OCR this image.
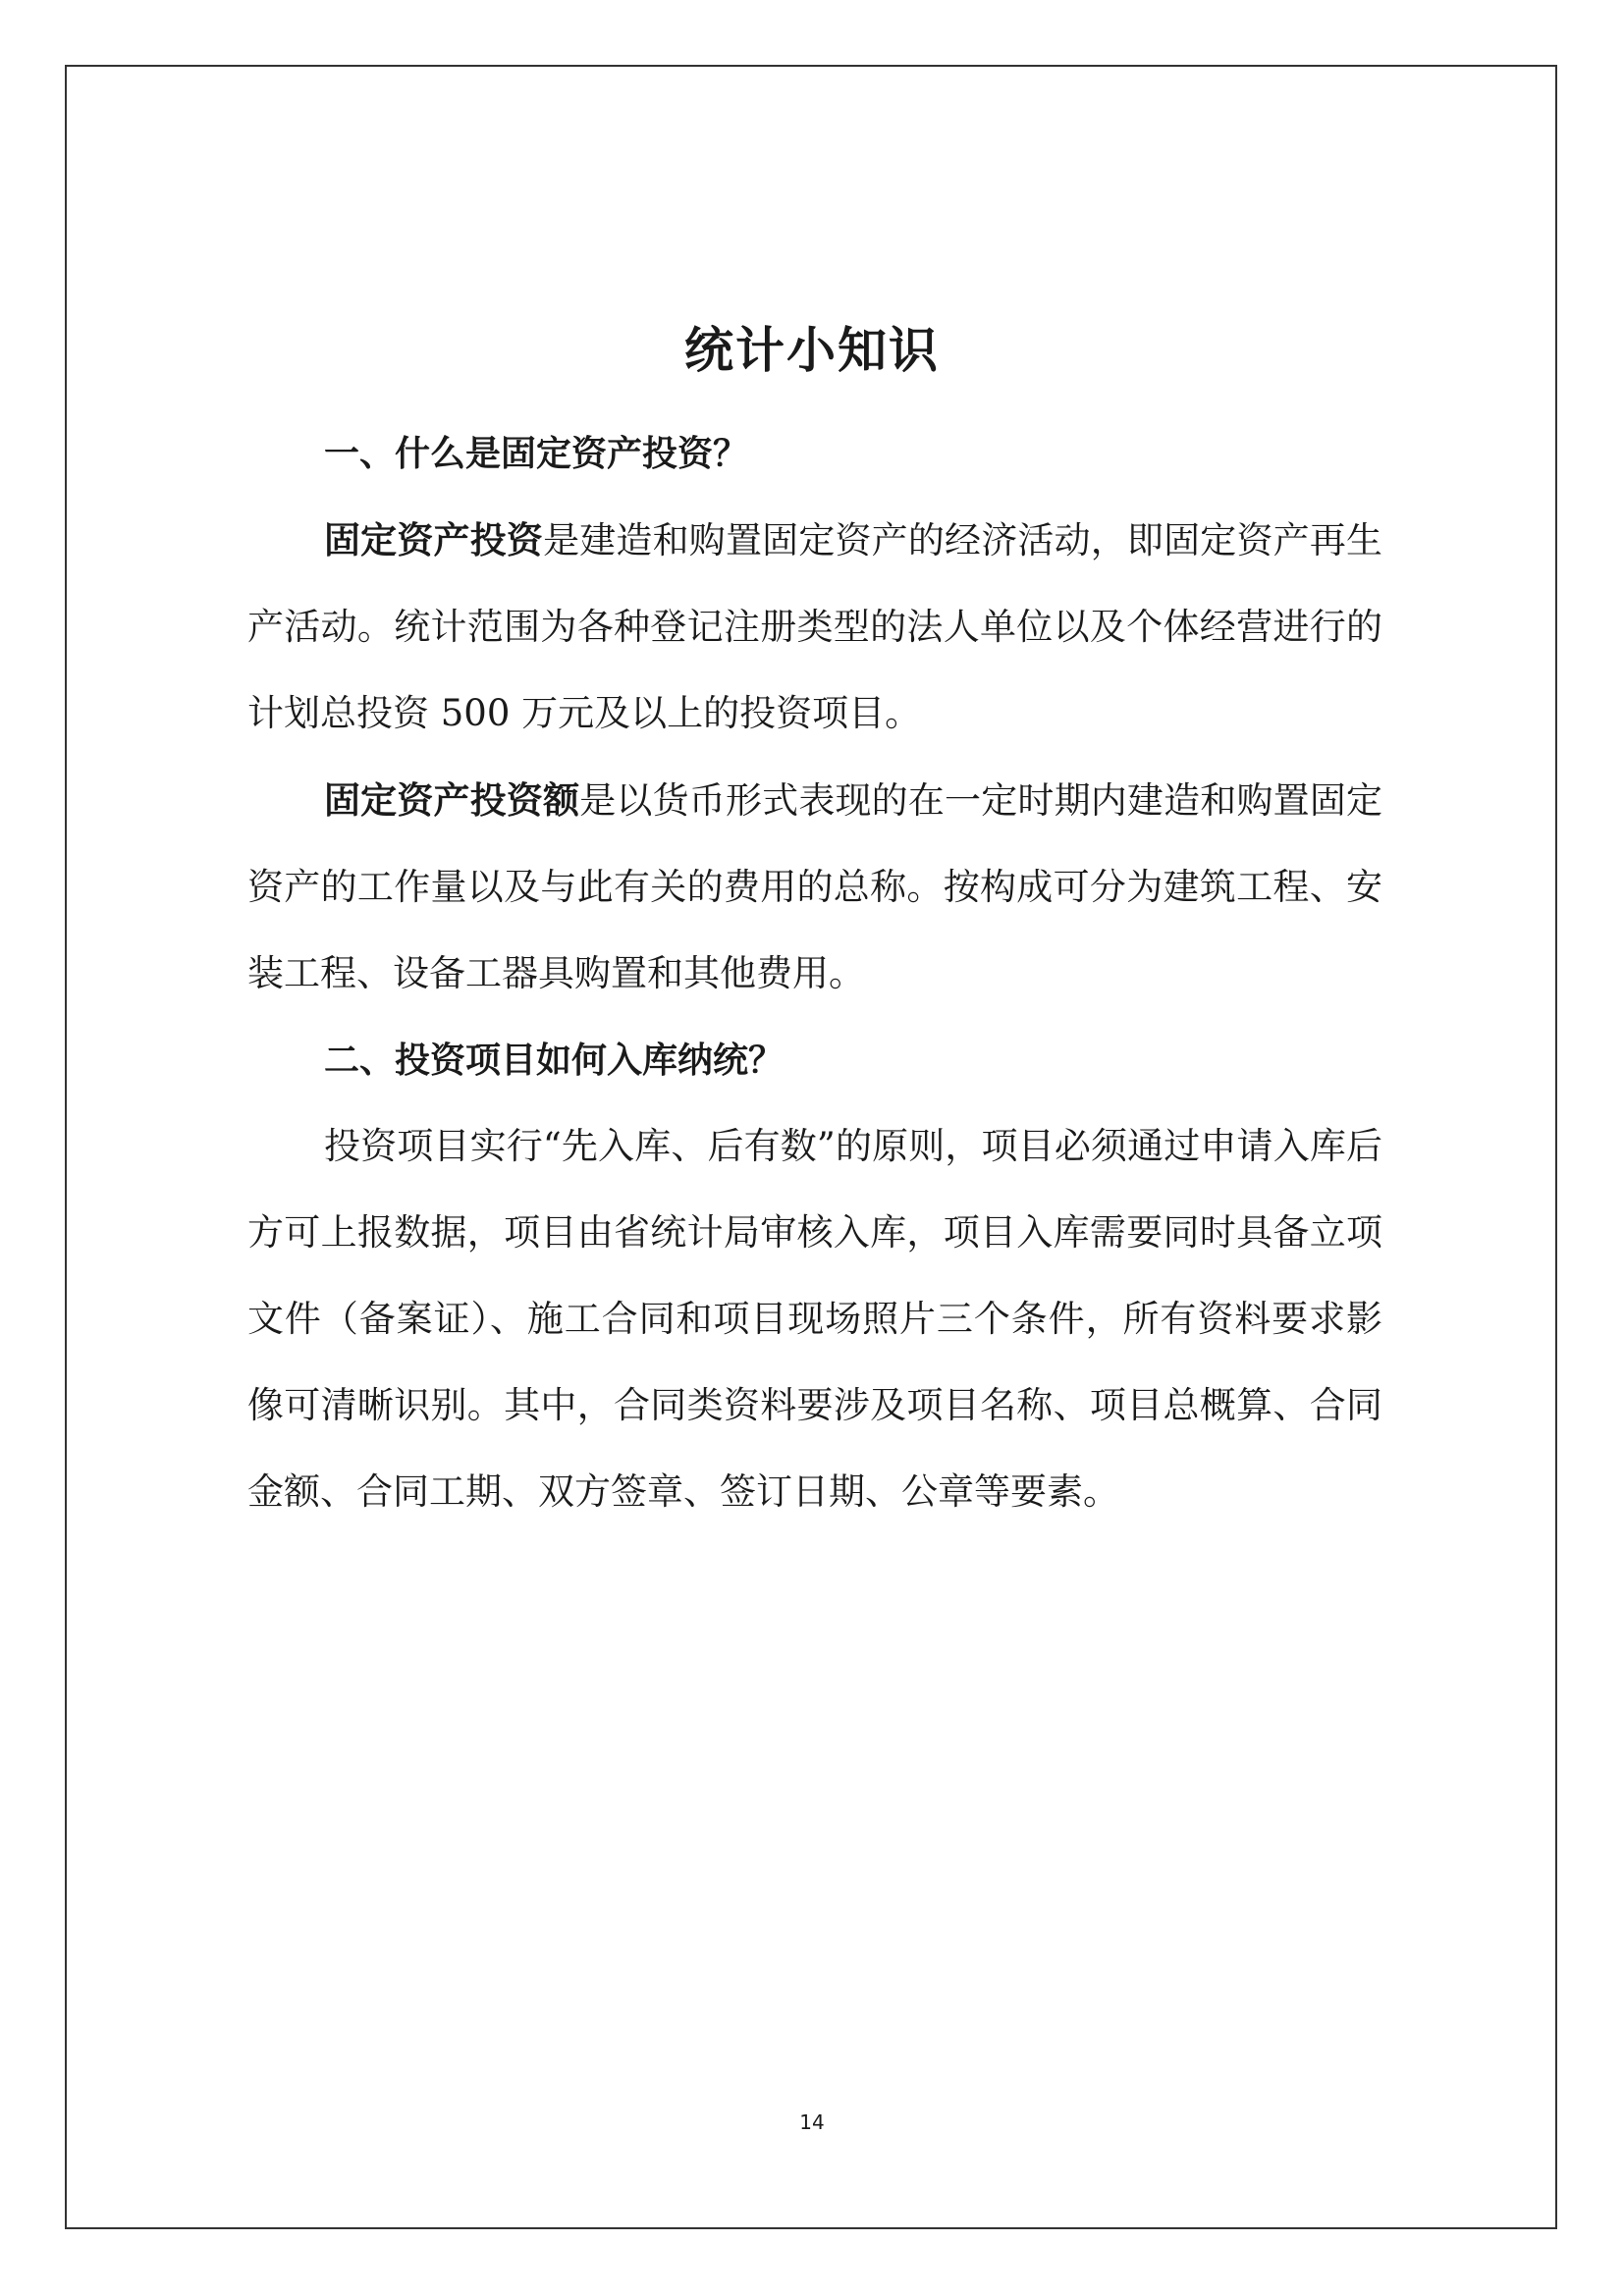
统计小知识
一、什么是固定资产投资？

固定资产投资是建造和购置固定资产的经济活动，即固定资产再生产活动。统计范围为各种登记注册类型的法人单位以及个体经营进行的计划总投资 500 万元及以上的投资项目。

固定资产投资额是以货币形式表现的在一定时期内建造和购置固定资产的工作量以及与此有关的费用的总称。按构成可分为建筑工程、安装工程、设备工器具购置和其他费用。

二、投资项目如何入库纳统？

投资项目实行“先入库、后有数”的原则，项目必须通过申请入库后方可上报数据，项目由省统计局审核入库，项目入库需要同时具备立项文件（备案证）、施工合同和项目现场照片三个条件，所有资料要求影像可清晰识别。其中，合同类资料要涉及项目名称、项目总概算、合同金额、合同工期、双方签章、签订日期、公章等要素。

14
